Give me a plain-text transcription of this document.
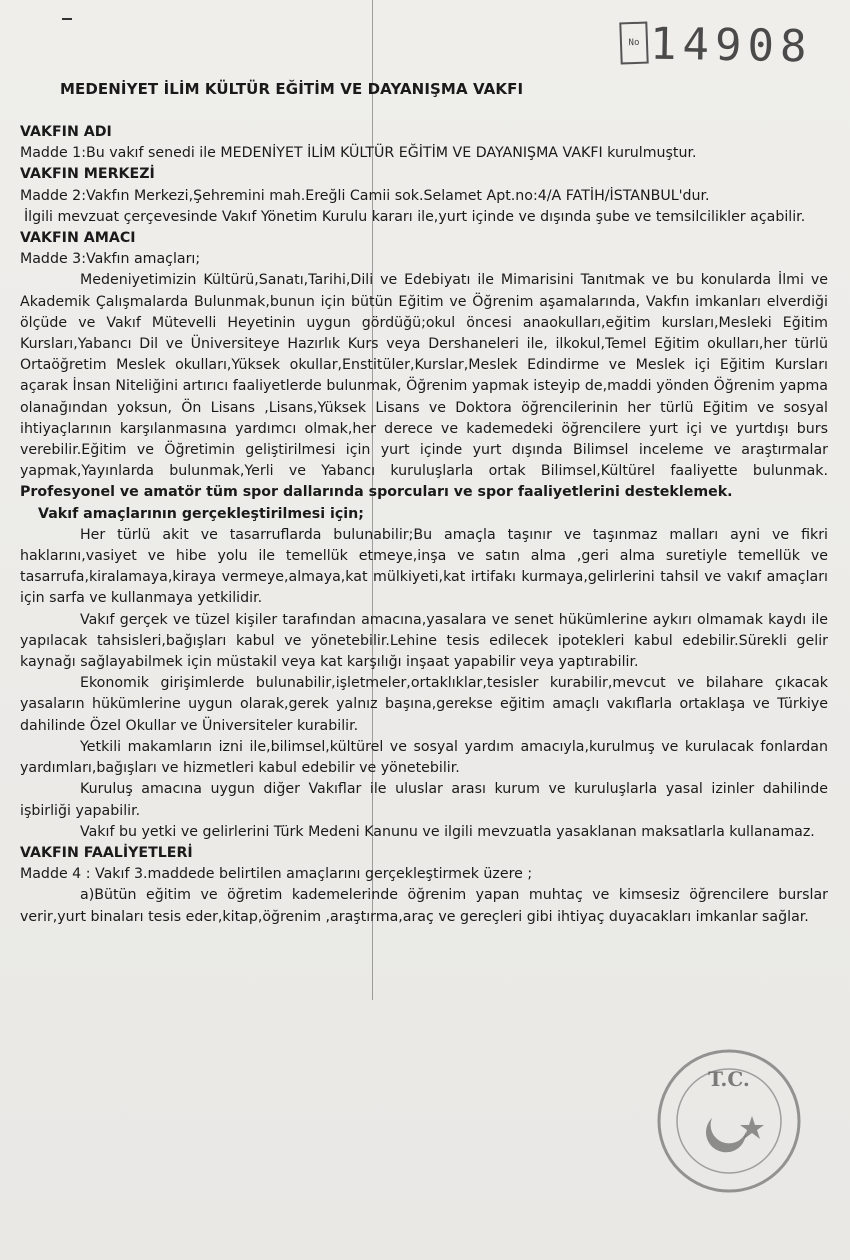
No 14908
MEDENİYET İLİM KÜLTÜR EĞİTİM VE DAYANIŞMA VAKFI

VAKFIN ADI

Madde 1:Bu vakıf senedi ile MEDENİYET İLİM KÜLTÜR EĞİTİM VE DAYANIŞMA VAKFI kurulmuştur.

VAKFIN MERKEZİ

Madde 2:Vakfın Merkezi,Şehremini mah.Ereğli Camii sok.Selamet Apt.no:4/A FATİH/İSTANBUL'dur.

İlgili mevzuat çerçevesinde Vakıf Yönetim Kurulu kararı ile,yurt içinde ve dışında şube ve temsilcilikler açabilir.

VAKFIN AMACI

Madde 3:Vakfın amaçları;

Medeniyetimizin Kültürü,Sanatı,Tarihi,Dili ve Edebiyatı ile Mimarisini Tanıtmak ve bu konularda İlmi ve Akademik Çalışmalarda Bulunmak,bunun için bütün Eğitim ve Öğrenim aşamalarında, Vakfın imkanları elverdiği ölçüde ve Vakıf Mütevelli Heyetinin uygun gördüğü;okul öncesi anaokulları,eğitim kursları,Mesleki Eğitim Kursları,Yabancı Dil ve Üniversiteye Hazırlık Kurs veya Dershaneleri ile, ilkokul,Temel Eğitim okulları,her türlü Ortaöğretim Meslek okulları,Yüksek okullar,Enstitüler,Kurslar,Meslek Edindirme ve Meslek içi Eğitim Kursları açarak İnsan Niteliğini artırıcı faaliyetlerde bulunmak, Öğrenim yapmak isteyip de,maddi yönden Öğrenim yapma olanağından yoksun, Ön Lisans ,Lisans,Yüksek Lisans ve Doktora öğrencilerinin her türlü Eğitim ve sosyal ihtiyaçlarının karşılanmasına yardımcı olmak,her derece ve kademedeki öğrencilere yurt içi ve yurtdışı burs verebilir.Eğitim ve Öğretimin geliştirilmesi için yurt içinde yurt dışında Bilimsel inceleme ve araştırmalar yapmak,Yayınlarda bulunmak,Yerli ve Yabancı kuruluşlarla ortak Bilimsel,Kültürel faaliyette bulunmak. Profesyonel ve amatör tüm spor dallarında sporcuları ve spor faaliyetlerini desteklemek.

Vakıf amaçlarının gerçekleştirilmesi için;

Her türlü akit ve tasarruflarda bulunabilir;Bu amaçla taşınır ve taşınmaz malları ayni ve fikri haklarını,vasiyet ve hibe yolu ile temellük etmeye,inşa ve satın alma ,geri alma suretiyle temellük ve tasarrufa,kiralamaya,kiraya vermeye,almaya,kat mülkiyeti,kat irtifakı kurmaya,gelirlerini tahsil ve vakıf amaçları için sarfa ve kullanmaya yetkilidir.

Vakıf gerçek ve tüzel kişiler tarafından amacına,yasalara ve senet hükümlerine aykırı olmamak kaydı ile yapılacak tahsisleri,bağışları kabul ve yönetebilir.Lehine tesis edilecek ipotekleri kabul edebilir.Sürekli gelir kaynağı sağlayabilmek için müstakil veya kat karşılığı inşaat yapabilir veya yaptırabilir.

Ekonomik girişimlerde bulunabilir,işletmeler,ortaklıklar,tesisler kurabilir,mevcut ve bilahare çıkacak yasaların hükümlerine uygun olarak,gerek yalnız başına,gerekse eğitim amaçlı vakıflarla ortaklaşa ve Türkiye dahilinde Özel Okullar ve Üniversiteler kurabilir.

Yetkili makamların izni ile,bilimsel,kültürel ve sosyal yardım amacıyla,kurulmuş ve kurulacak fonlardan yardımları,bağışları ve hizmetleri kabul edebilir ve yönetebilir.

Kuruluş amacına uygun diğer Vakıflar ile uluslar arası kurum ve kuruluşlarla yasal izinler dahilinde işbirliği yapabilir.

Vakıf bu yetki ve gelirlerini Türk Medeni Kanunu ve ilgili mevzuatla yasaklanan maksatlarla kullanamaz.

VAKFIN FAALİYETLERİ

Madde 4 : Vakıf 3.maddede belirtilen amaçlarını gerçekleştirmek üzere ;

a)Bütün eğitim ve öğretim kademelerinde öğrenim yapan muhtaç ve kimsesiz öğrencilere burslar verir,yurt binaları tesis eder,kitap,öğrenim ,araştırma,araç ve gereçleri gibi ihtiyaç duyacakları imkanlar sağlar.

T.C.
